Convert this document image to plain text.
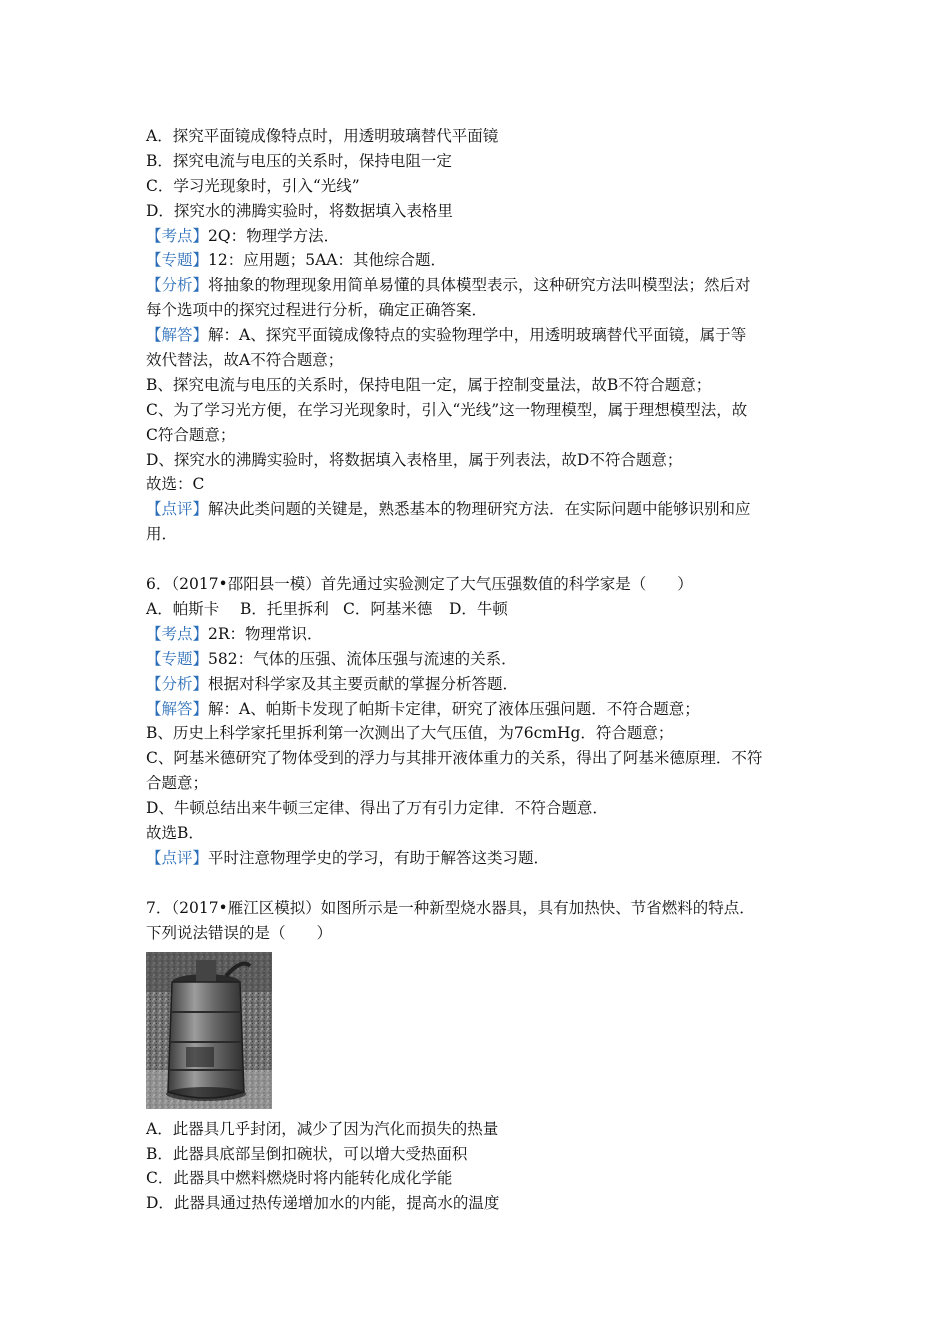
A．探究平面镜成像特点时，用透明玻璃替代平面镜
B．探究电流与电压的关系时，保持电阻一定
C．学习光现象时，引入“光线”
D．探究水的沸腾实验时，将数据填入表格里
【考点】2Q：物理学方法．
【专题】12：应用题；5AA：其他综合题．
【分析】将抽象的物理现象用简单易懂的具体模型表示，这种研究方法叫模型法；然后对
每个选项中的探究过程进行分析，确定正确答案．
【解答】解：A、探究平面镜成像特点的实验物理学中，用透明玻璃替代平面镜，属于等
效代替法，故A不符合题意；
B、探究电流与电压的关系时，保持电阻一定，属于控制变量法，故B不符合题意；
C、为了学习光方便，在学习光现象时，引入“光线”这一物理模型，属于理想模型法，故
C符合题意；
D、探究水的沸腾实验时，将数据填入表格里，属于列表法，故D不符合题意；
故选：C
【点评】解决此类问题的关键是，熟悉基本的物理研究方法．在实际问题中能够识别和应
用．
6．（2017•邵阳县一模）首先通过实验测定了大气压强数值的科学家是（　　）
A．帕斯卡 B．托里拆利 C．阿基米德 D．牛顿
【考点】2R：物理常识．
【专题】582：气体的压强、流体压强与流速的关系．
【分析】根据对科学家及其主要贡献的掌握分析答题．
【解答】解：A、帕斯卡发现了帕斯卡定律，研究了液体压强问题．不符合题意；
B、历史上科学家托里拆利第一次测出了大气压值，为76cmHg．符合题意；
C、阿基米德研究了物体受到的浮力与其排开液体重力的关系，得出了阿基米德原理．不符
合题意；
D、牛顿总结出来牛顿三定律、得出了万有引力定律．不符合题意．
故选B．
【点评】平时注意物理学史的学习，有助于解答这类习题．
7．（2017•雁江区模拟）如图所示是一种新型烧水器具，具有加热快、节省燃料的特点．
下列说法错误的是（　　）
A．此器具几乎封闭，减少了因为汽化而损失的热量
B．此器具底部呈倒扣碗状，可以增大受热面积
C．此器具中燃料燃烧时将内能转化成化学能
D．此器具通过热传递增加水的内能，提高水的温度
